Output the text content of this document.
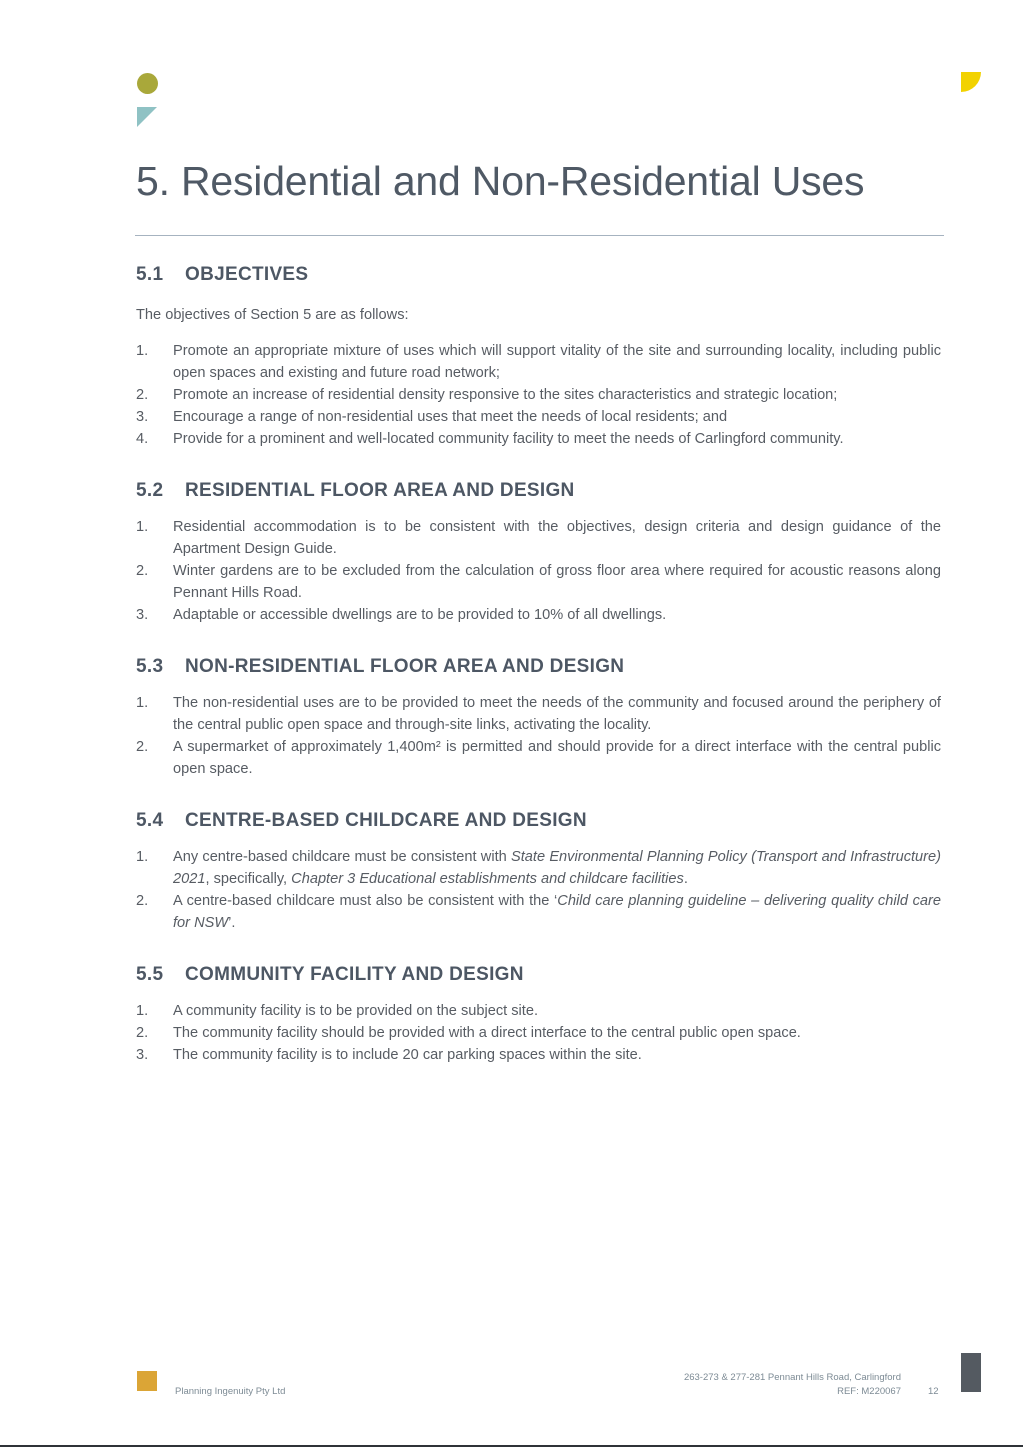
5. Residential and Non-Residential Uses
5.1	OBJECTIVES

The objectives of Section 5 are as follows:

1.	Promote an appropriate mixture of uses which will support vitality of the site and surrounding locality, including public open spaces and existing and future road network;
2.	Promote an increase of residential density responsive to the sites characteristics and strategic location;
3.	Encourage a range of non-residential uses that meet the needs of local residents; and
4.	Provide for a prominent and well-located community facility to meet the needs of Carlingford community.
5.2	RESIDENTIAL FLOOR AREA AND DESIGN
1.	Residential accommodation is to be consistent with the objectives, design criteria and design guidance of the Apartment Design Guide.
2.	Winter gardens are to be excluded from the calculation of gross floor area where required for acoustic reasons along Pennant Hills Road.
3.	Adaptable or accessible dwellings are to be provided to 10% of all dwellings.
5.3	NON-RESIDENTIAL FLOOR AREA AND DESIGN
1.	The non-residential uses are to be provided to meet the needs of the community and focused around the periphery of the central public open space and through-site links, activating the locality.
2.	A supermarket of approximately 1,400m² is permitted and should provide for a direct interface with the central public open space.
5.4	CENTRE-BASED CHILDCARE AND DESIGN
1.	Any centre-based childcare must be consistent with State Environmental Planning Policy (Transport and Infrastructure) 2021, specifically, Chapter 3 Educational establishments and childcare facilities.
2.	A centre-based childcare must also be consistent with the ‘Child care planning guideline – delivering quality child care for NSW’.
5.5	COMMUNITY FACILITY AND DESIGN
1.	A community facility is to be provided on the subject site.
2.	The community facility should be provided with a direct interface to the central public open space.
3.	The community facility is to include 20 car parking spaces within the site.
Planning Ingenuity Pty Ltd
263-273 & 277-281 Pennant Hills Road, Carlingford
REF: M220067	12
